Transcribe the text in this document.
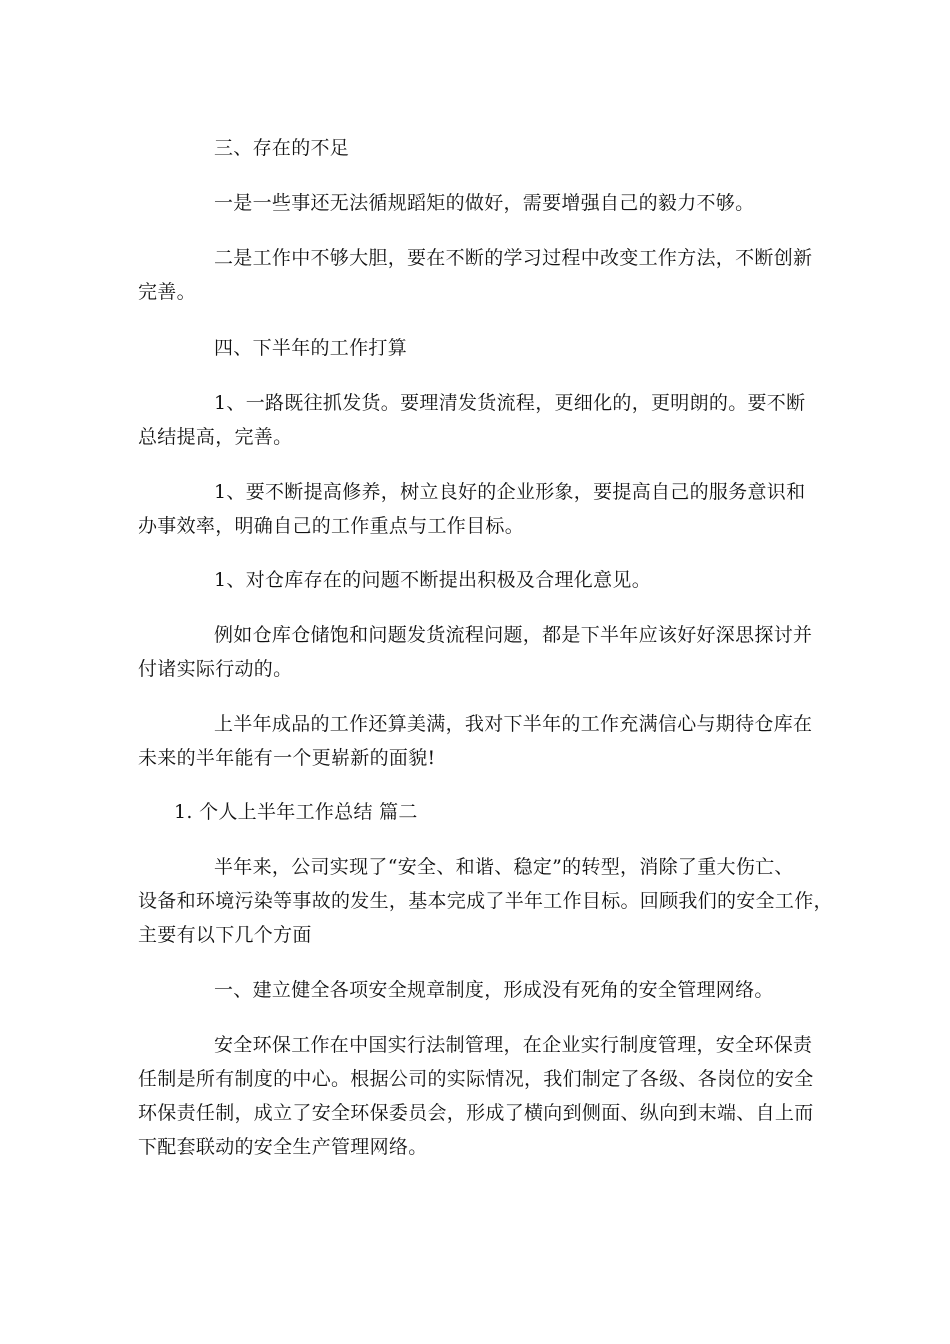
三、存在的不足
一是一些事还无法循规蹈矩的做好，需要增强自己的毅力不够。
二是工作中不够大胆，要在不断的学习过程中改变工作方法，不断创新
完善。
四、下半年的工作打算
1、一路既往抓发货。要理清发货流程，更细化的，更明朗的。要不断
总结提高，完善。
1、要不断提高修养，树立良好的企业形象，要提高自己的服务意识和
办事效率，明确自己的工作重点与工作目标。
1、对仓库存在的问题不断提出积极及合理化意见。
例如仓库仓储饱和问题发货流程问题，都是下半年应该好好深思探讨并
付诸实际行动的。
上半年成品的工作还算美满，我对下半年的工作充满信心与期待仓库在
未来的半年能有一个更崭新的面貌!
1. 个人上半年工作总结 篇二
半年来，公司实现了“安全、和谐、稳定”的转型，消除了重大伤亡、
设备和环境污染等事故的发生，基本完成了半年工作目标。回顾我们的安全工作，
主要有以下几个方面
一、建立健全各项安全规章制度，形成没有死角的安全管理网络。
安全环保工作在中国实行法制管理，在企业实行制度管理，安全环保责
任制是所有制度的中心。根据公司的实际情况，我们制定了各级、各岗位的安全
环保责任制，成立了安全环保委员会，形成了横向到侧面、纵向到末端、自上而
下配套联动的安全生产管理网络。
